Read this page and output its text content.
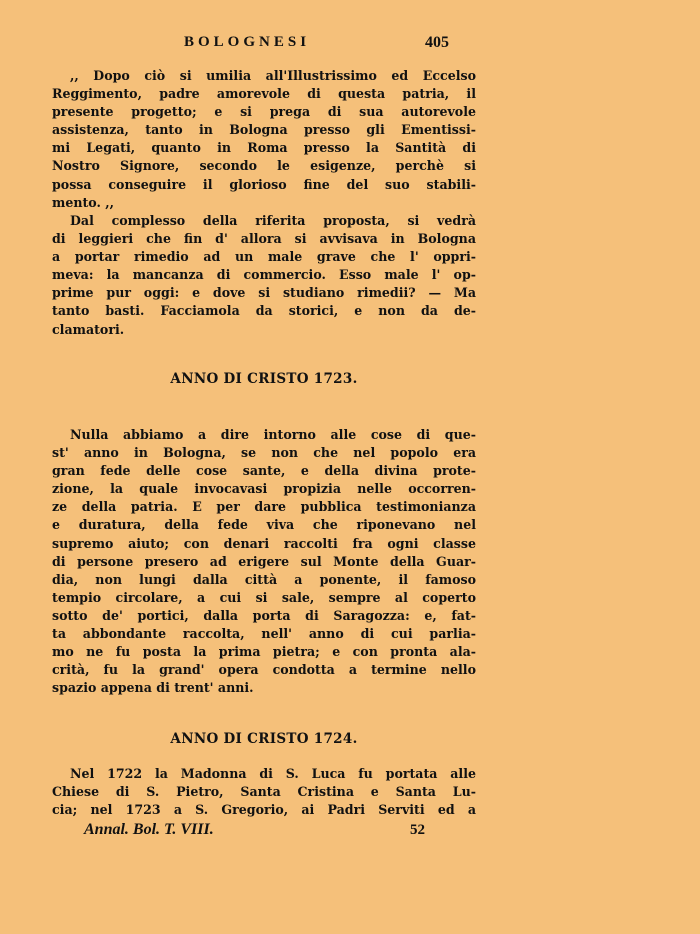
BOLOGNESI	405
,, Dopo ciò si umilia all'Illustrissimo ed Eccelso
Reggimento, padre amorevole di questa patria, il
presente progetto; e si prega di sua autorevole
assistenza, tanto in Bologna presso gli Ementissi-
mi Legati, quanto in Roma presso la Santità di
Nostro Signore, secondo le esigenze, perchè si
possa conseguire il glorioso fine del suo stabili-
mento. ,,
Dal complesso della riferita proposta, si vedrà
di leggieri che fin d' allora si avvisava in Bologna
a portar rimedio ad un male grave che l' oppri-
meva: la mancanza di commercio. Esso male l' op-
prime pur oggi: e dove si studiano rimedii? — Ma
tanto basti. Facciamola da storici, e non da de-
clamatori.
ANNO DI CRISTO 1723.
Nulla abbiamo a dire intorno alle cose di que-
st' anno in Bologna, se non che nel popolo era
gran fede delle cose sante, e della divina prote-
zione, la quale invocavasi propizia nelle occorren-
ze della patria. E per dare pubblica testimonianza
e duratura, della fede viva che riponevano nel
supremo aiuto; con denari raccolti fra ogni classe
di persone presero ad erigere sul Monte della Guar-
dia, non lungi dalla città a ponente, il famoso
tempio circolare, a cui si sale, sempre al coperto
sotto de' portici, dalla porta di Saragozza: e, fat-
ta abbondante raccolta, nell' anno di cui parlia-
mo ne fu posta la prima pietra; e con pronta ala-
crità, fu la grand' opera condotta a termine nello
spazio appena di trent' anni.
ANNO DI CRISTO 1724.
Nel 1722 la Madonna di S. Luca fu portata alle
Chiese di S. Pietro, Santa Cristina e Santa Lu-
cia; nel 1723 a S. Gregorio, ai Padri Serviti ed a
Annal. Bol. T. VIII.	52
